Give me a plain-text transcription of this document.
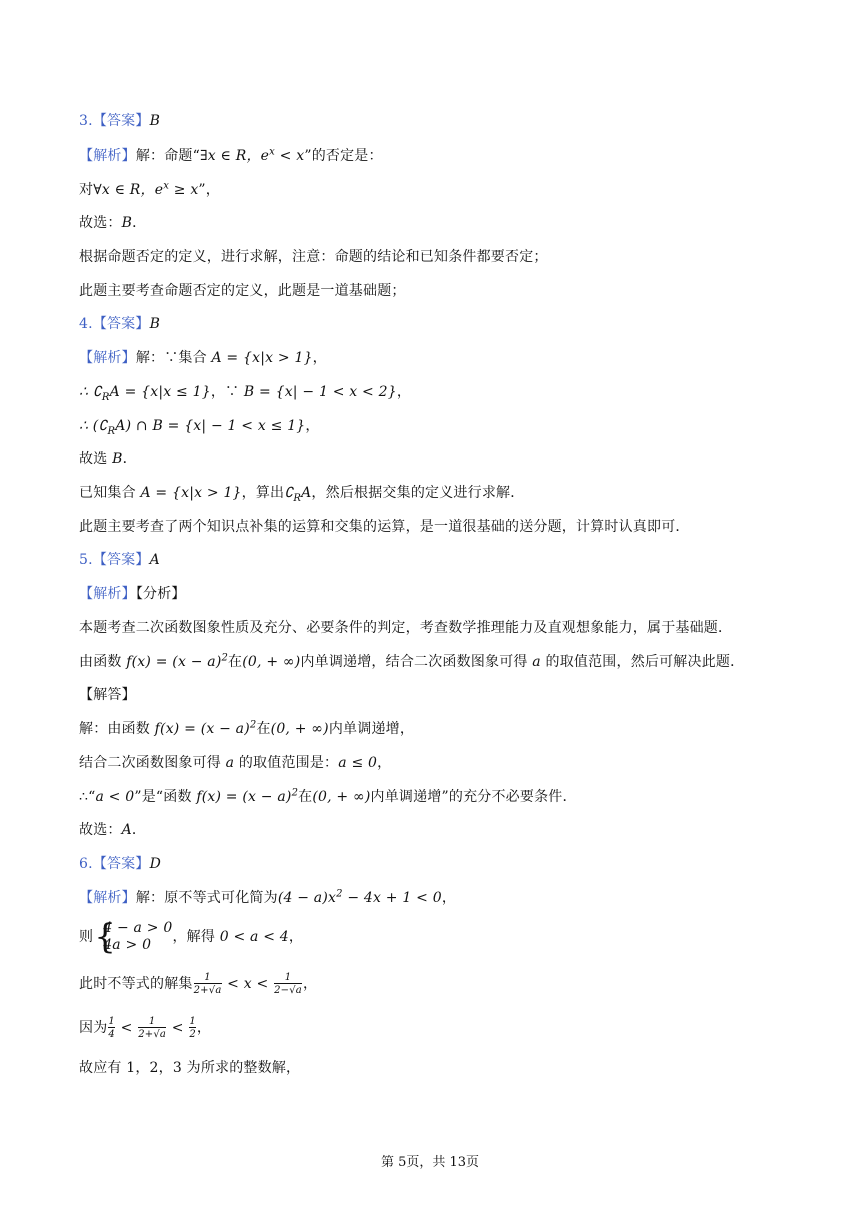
3.【答案】B
【解析】解：命题“∃x ∈ R，$e^x < x$”的否定是：
对∀x ∈ R，$e^x \ge x$”，
故选：B．
根据命题否定的定义，进行求解，注意：命题的结论和已知条件都要否定；
此题主要考查命题否定的定义，此题是一道基础题；
4.【答案】B
【解析】解：∵集合 A = {x|x > 1}，
∴ $∁_RA = \{x|x \le 1\}$，∵ B = {x| − 1 < x < 2}，
∴ $(∁_RA)$ ∩ B = {x| − 1 < x ≤ 1}，
故选 B．
已知集合 A = {x|x > 1}，算出$∁_RA$，然后根据交集的定义进行求解．
此题主要考查了两个知识点补集的运算和交集的运算，是一道很基础的送分题，计算时认真即可．
5.【答案】A
【解析】【分析】
本题考查二次函数图象性质及充分、必要条件的判定，考查数学推理能力及直观想象能力，属于基础题．
由函数 $f(x) = (x - a)^2$在(0, + ∞)内单调递增，结合二次函数图象可得 a 的取值范围，然后可解决此题．
【解答】
解：由函数 $f(x) = (x - a)^2$在(0, + ∞)内单调递增，
结合二次函数图象可得 a 的取值范围是：a ≤ 0，
∴“a < 0”是“函数 $f(x) = (x - a)^2$在(0, + ∞)内单调递增”的充分不必要条件．
故选：A．
6.【答案】D
【解析】解：原不等式可化简为$(4 - a)x^2 - 4x + 1 < 0$，
则 {
4 − a > 0
4a > 0	，解得 0 < a < 4，
此时不等式的解集 $\frac{1}{2+√a} < x < \frac{1}{2-√a}$ ，
因为 $\frac{1}{4} < \frac{1}{2+√a} < \frac{1}{2}$ ，
故应有 1，2，3 为所求的整数解，
第 5页，共 13页
